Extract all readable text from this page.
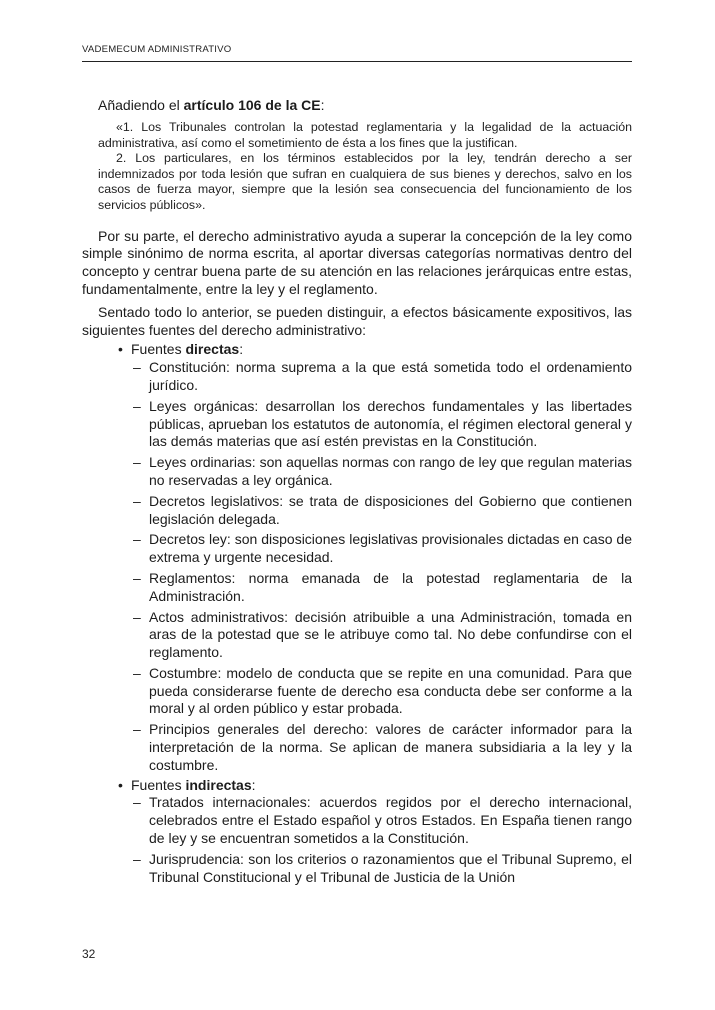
VADEMECUM ADMINISTRATIVO

Añadiendo el artículo 106 de la CE:

«1. Los Tribunales controlan la potestad reglamentaria y la legalidad de la actuación administrativa, así como el sometimiento de ésta a los fines que la justifican.

2. Los particulares, en los términos establecidos por la ley, tendrán derecho a ser indemnizados por toda lesión que sufran en cualquiera de sus bienes y derechos, salvo en los casos de fuerza mayor, siempre que la lesión sea consecuencia del funcionamiento de los servicios públicos».

Por su parte, el derecho administrativo ayuda a superar la concepción de la ley como simple sinónimo de norma escrita, al aportar diversas categorías normativas dentro del concepto y centrar buena parte de su atención en las relaciones jerárquicas entre estas, fundamentalmente, entre la ley y el reglamento.

Sentado todo lo anterior, se pueden distinguir, a efectos básicamente expositivos, las siguientes fuentes del derecho administrativo:

• Fuentes directas:
– Constitución: norma suprema a la que está sometida todo el ordenamiento jurídico.
– Leyes orgánicas: desarrollan los derechos fundamentales y las libertades públicas, aprueban los estatutos de autonomía, el régimen electoral general y las demás materias que así estén previstas en la Constitución.
– Leyes ordinarias: son aquellas normas con rango de ley que regulan materias no reservadas a ley orgánica.
– Decretos legislativos: se trata de disposiciones del Gobierno que contienen legislación delegada.
– Decretos ley: son disposiciones legislativas provisionales dictadas en caso de extrema y urgente necesidad.
– Reglamentos: norma emanada de la potestad reglamentaria de la Administración.
– Actos administrativos: decisión atribuible a una Administración, tomada en aras de la potestad que se le atribuye como tal. No debe confundirse con el reglamento.
– Costumbre: modelo de conducta que se repite en una comunidad. Para que pueda considerarse fuente de derecho esa conducta debe ser conforme a la moral y al orden público y estar probada.
– Principios generales del derecho: valores de carácter informador para la interpretación de la norma. Se aplican de manera subsidiaria a la ley y la costumbre.
• Fuentes indirectas:
– Tratados internacionales: acuerdos regidos por el derecho internacional, celebrados entre el Estado español y otros Estados. En España tienen rango de ley y se encuentran sometidos a la Constitución.
– Jurisprudencia: son los criterios o razonamientos que el Tribunal Supremo, el Tribunal Constitucional y el Tribunal de Justicia de la Unión
32
